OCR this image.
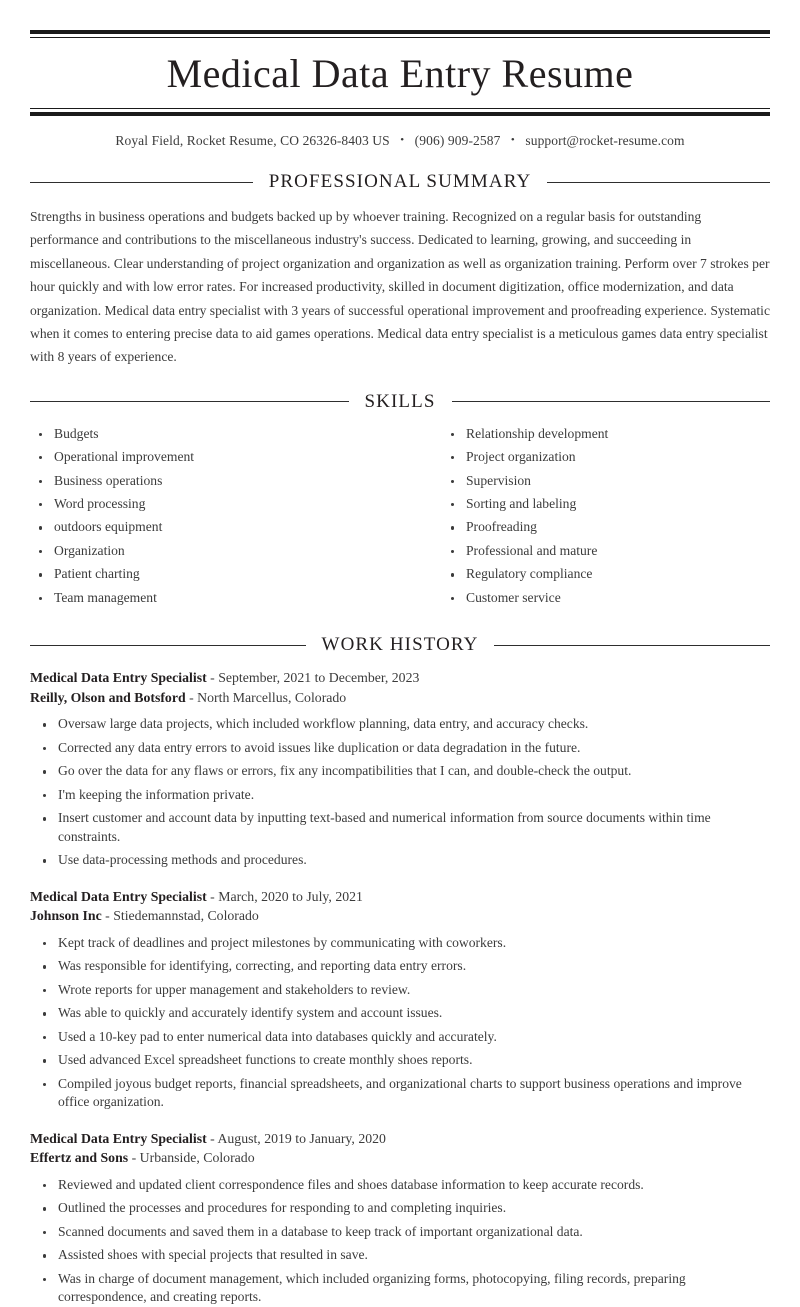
Medical Data Entry Resume
Royal Field, Rocket Resume, CO 26326-8403 US • (906) 909-2587 • support@rocket-resume.com
PROFESSIONAL SUMMARY

Strengths in business operations and budgets backed up by whoever training. Recognized on a regular basis for outstanding performance and contributions to the miscellaneous industry's success. Dedicated to learning, growing, and succeeding in miscellaneous. Clear understanding of project organization and organization as well as organization training. Perform over 7 strokes per hour quickly and with low error rates. For increased productivity, skilled in document digitization, office modernization, and data organization. Medical data entry specialist with 3 years of successful operational improvement and proofreading experience. Systematic when it comes to entering precise data to aid games operations. Medical data entry specialist is a meticulous games data entry specialist with 8 years of experience.

SKILLS
Budgets
Operational improvement
Business operations
Word processing
outdoors equipment
Organization
Patient charting
Team management
Relationship development
Project organization
Supervision
Sorting and labeling
Proofreading
Professional and mature
Regulatory compliance
Customer service
WORK HISTORY
Medical Data Entry Specialist - September, 2021 to December, 2023
Reilly, Olson and Botsford - North Marcellus, Colorado
Oversaw large data projects, which included workflow planning, data entry, and accuracy checks.
Corrected any data entry errors to avoid issues like duplication or data degradation in the future.
Go over the data for any flaws or errors, fix any incompatibilities that I can, and double-check the output.
I'm keeping the information private.
Insert customer and account data by inputting text-based and numerical information from source documents within time constraints.
Use data-processing methods and procedures.
Medical Data Entry Specialist - March, 2020 to July, 2021
Johnson Inc - Stiedemannstad, Colorado
Kept track of deadlines and project milestones by communicating with coworkers.
Was responsible for identifying, correcting, and reporting data entry errors.
Wrote reports for upper management and stakeholders to review.
Was able to quickly and accurately identify system and account issues.
Used a 10-key pad to enter numerical data into databases quickly and accurately.
Used advanced Excel spreadsheet functions to create monthly shoes reports.
Compiled joyous budget reports, financial spreadsheets, and organizational charts to support business operations and improve office organization.
Medical Data Entry Specialist - August, 2019 to January, 2020
Effertz and Sons - Urbanside, Colorado
Reviewed and updated client correspondence files and shoes database information to keep accurate records.
Outlined the processes and procedures for responding to and completing inquiries.
Scanned documents and saved them in a database to keep track of important organizational data.
Assisted shoes with special projects that resulted in save.
Was in charge of document management, which included organizing forms, photocopying, filing records, preparing correspondence, and creating reports.
